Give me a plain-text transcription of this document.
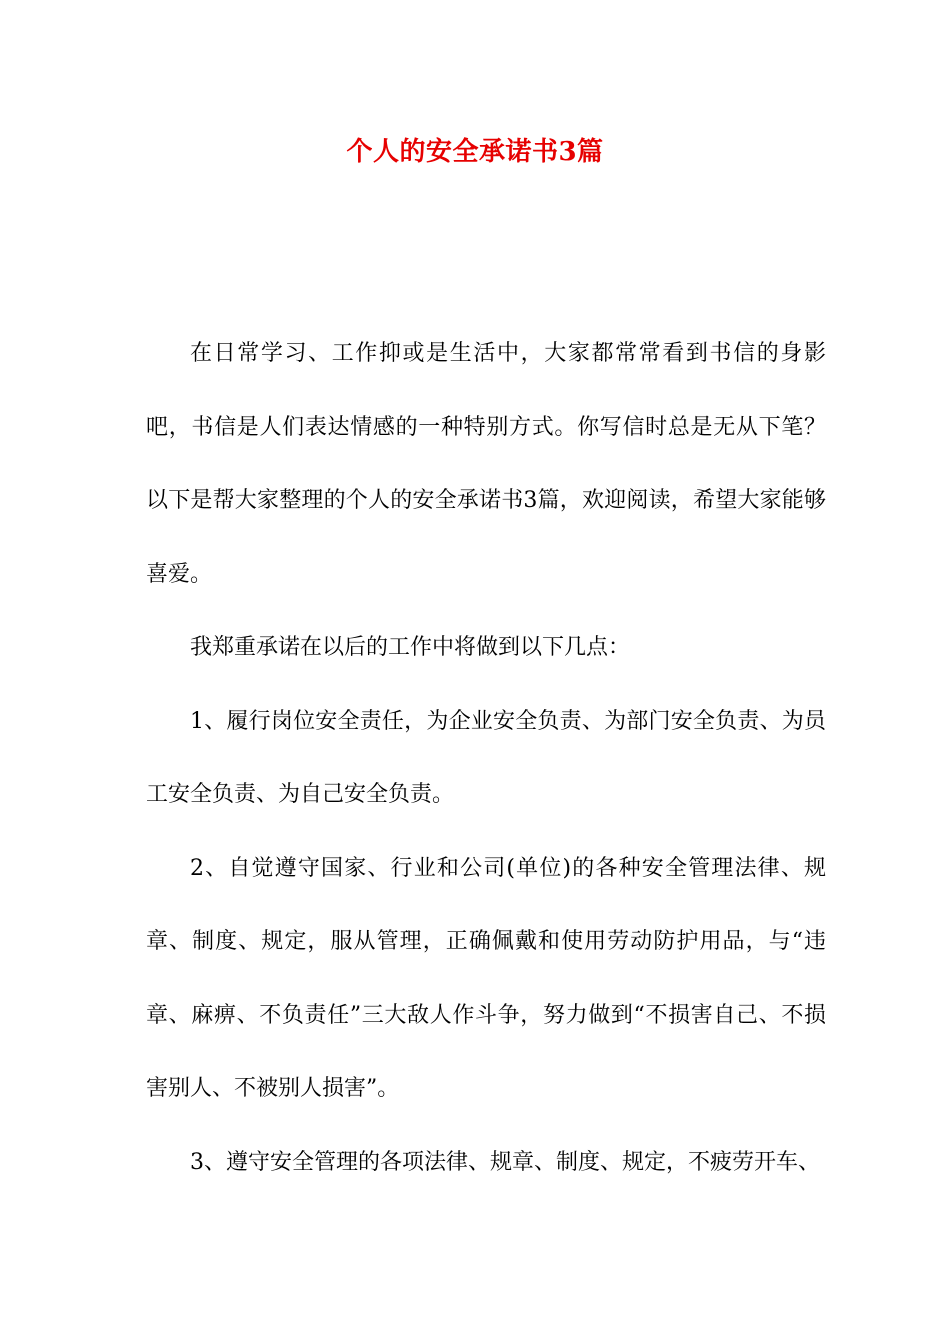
个人的安全承诺书3篇

在日常学习、工作抑或是生活中，大家都常常看到书信的身影吧，书信是人们表达情感的一种特别方式。你写信时总是无从下笔？以下是帮大家整理的个人的安全承诺书3篇，欢迎阅读，希望大家能够喜爱。

我郑重承诺在以后的工作中将做到以下几点：

1、履行岗位安全责任，为企业安全负责、为部门安全负责、为员工安全负责、为自己安全负责。

2、自觉遵守国家、行业和公司(单位)的各种安全管理法律、规章、制度、规定，服从管理，正确佩戴和使用劳动防护用品，与“违章、麻痹、不负责任”三大敌人作斗争，努力做到“不损害自己、不损害别人、不被别人损害”。

3、遵守安全管理的各项法律、规章、制度、规定，不疲劳开车、
